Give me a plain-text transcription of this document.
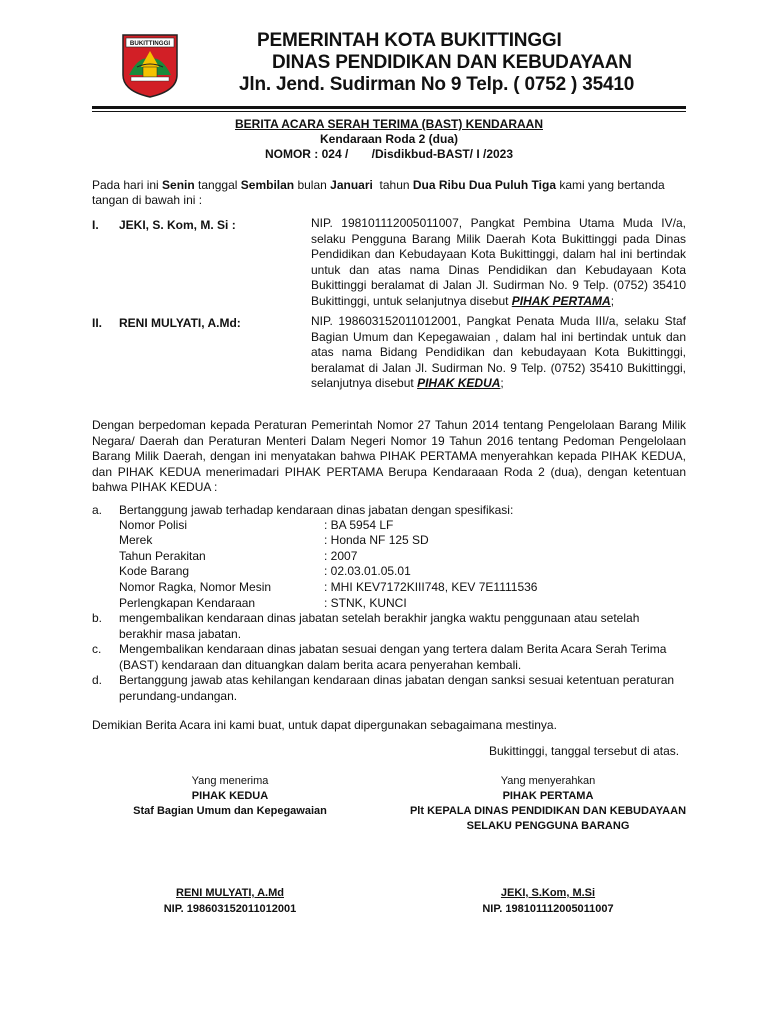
BUKITTINGGI	PEMERINTAH KOTA BUKITTINGGI
DINAS PENDIDIKAN DAN KEBUDAYAAN
Jln. Jend. Sudirman No 9 Telp. ( 0752 ) 35410
BERITA ACARA SERAH TERIMA (BAST) KENDARAAN
Kendaraan Roda 2 (dua)
NOMOR : 024 /       /Disdikbud-BAST/ I /2023
Pada hari ini Senin tanggal Sembilan bulan Januari  tahun Dua Ribu Dua Puluh Tiga kami yang bertanda tangan di bawah ini :
I. JEKI, S. Kom, M. Si :	NIP. 198101112005011007, Pangkat Pembina Utama Muda IV/a, selaku Pengguna Barang Milik Daerah Kota Bukittinggi pada Dinas Pendidikan dan Kebudayaan Kota Bukittinggi, dalam hal ini bertindak untuk dan atas nama Dinas Pendidikan dan Kebudayaan Kota Bukittinggi beralamat di Jalan Jl. Sudirman No. 9 Telp. (0752) 35410 Bukittinggi, untuk selanjutnya disebut PIHAK PERTAMA;
II. RENI MULYATI, A.Md:	NIP. 198603152011012001, Pangkat Penata Muda III/a, selaku Staf Bagian Umum dan Kepegawaian , dalam hal ini bertindak untuk dan atas nama Bidang Pendidikan dan kebudayaan Kota Bukittinggi, beralamat di Jalan Jl. Sudirman No. 9 Telp. (0752) 35410 Bukittinggi, selanjutnya disebut PIHAK KEDUA;
Dengan berpedoman kepada Peraturan Pemerintah Nomor 27 Tahun 2014 tentang Pengelolaan Barang Milik Negara/ Daerah dan Peraturan Menteri Dalam Negeri Nomor 19 Tahun 2016 tentang Pedoman Pengelolaan Barang Milik Daerah, dengan ini menyatakan bahwa PIHAK PERTAMA menyerahkan kepada PIHAK KEDUA, dan PIHAK KEDUA menerimadari PIHAK PERTAMA Berupa Kendaraaan Roda 2 (dua), dengan ketentuan bahwa PIHAK KEDUA :
a. Bertanggung jawab terhadap kendaraan dinas jabatan dengan spesifikasi:
Nomor Polisi	: BA 5954 LF
Merek	: Honda NF 125 SD
Tahun Perakitan	: 2007
Kode Barang	: 02.03.01.05.01
Nomor Ragka, Nomor Mesin	: MHI KEV7172KIII748, KEV 7E1111536
Perlengkapan Kendaraan	: STNK, KUNCI
b. mengembalikan kendaraan dinas jabatan setelah berakhir jangka waktu penggunaan atau setelah berakhir masa jabatan.
c. Mengembalikan kendaraan dinas jabatan sesuai dengan yang tertera dalam Berita Acara Serah Terima (BAST) kendaraan dan dituangkan dalam berita acara penyerahan kembali.
d. Bertanggung jawab atas kehilangan kendaraan dinas jabatan dengan sanksi sesuai ketentuan peraturan perundang-undangan.
Demikian Berita Acara ini kami buat, untuk dapat dipergunakan sebagaimana mestinya.
Bukittinggi, tanggal tersebut di atas.
Yang menerima
PIHAK KEDUA
Staf Bagian Umum dan Kepegawaian
RENI MULYATI, A.Md
NIP. 198603152011012001
Yang menyerahkan
PIHAK PERTAMA
Plt KEPALA DINAS PENDIDIKAN DAN KEBUDAYAAN
SELAKU PENGGUNA BARANG
JEKI, S.Kom, M.Si
NIP. 198101112005011007
